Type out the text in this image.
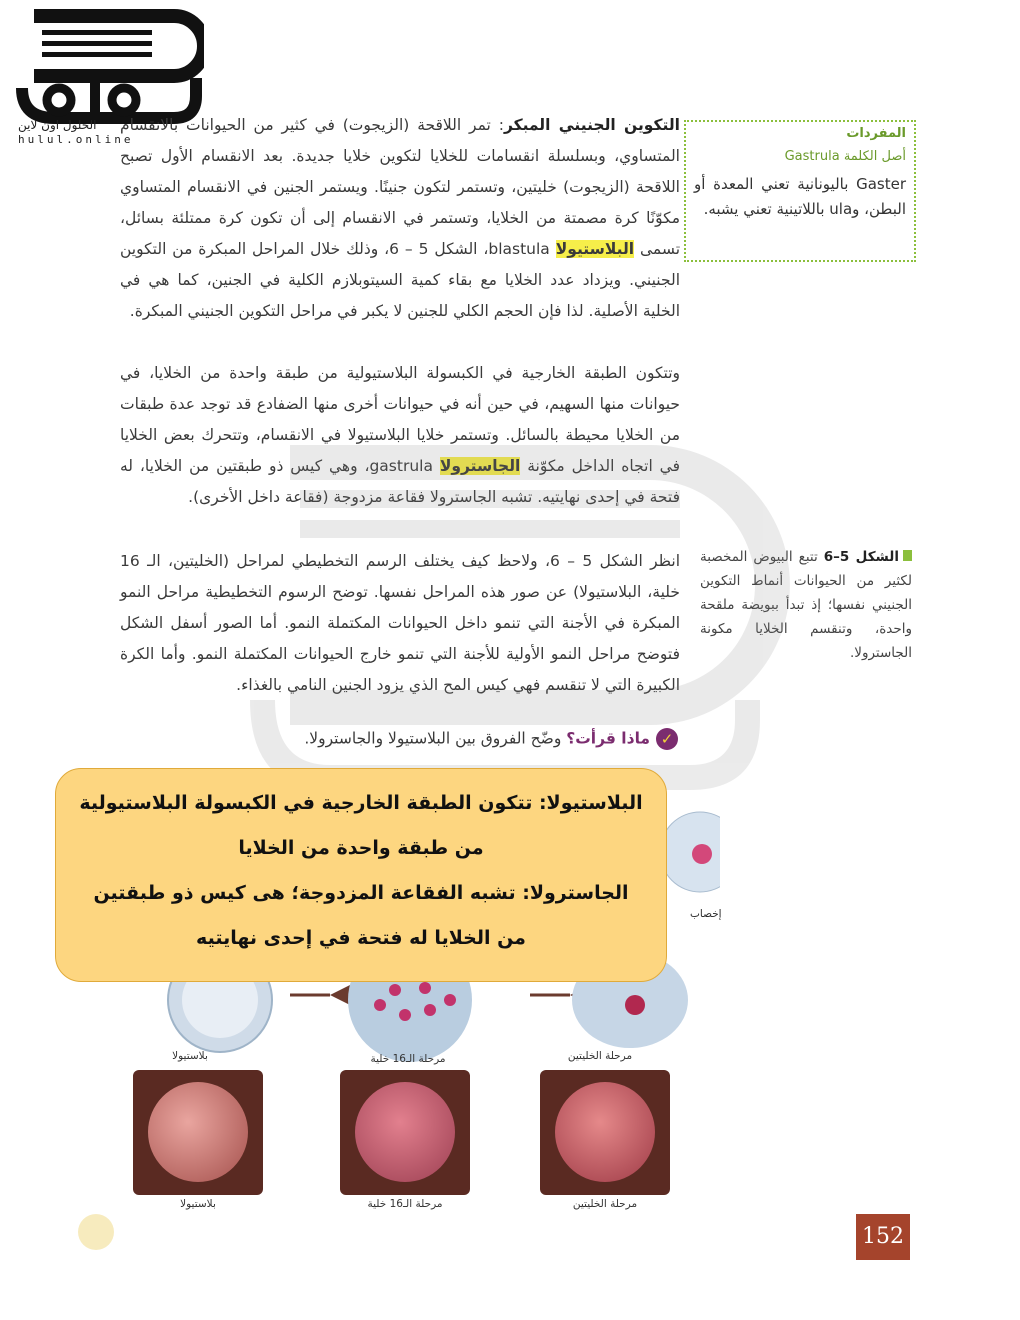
الحلول اون لاين
hulul.online
التكوين الجنيني المبكر: تمر اللاقحة (الزيجوت) في كثير من الحيوانات بالانقسام المتساوي، وبسلسلة انقسامات للخلايا لتكوين خلايا جديدة. بعد الانقسام الأول تصبح اللاقحة (الزيجوت) خليتين، وتستمر لتكون جنينًا. ويستمر الجنين في الانقسام المتساوي مكوّنًا كرة مصمتة من الخلايا، وتستمر في الانقسام إلى أن تكون كرة ممتلئة بسائل، تسمى البلاستيولا blastula، الشكل 5 – 6، وذلك خلال المراحل المبكرة من التكوين الجنيني. ويزداد عدد الخلايا مع بقاء كمية السيتوبلازم الكلية في الجنين، كما هي في الخلية الأصلية. لذا فإن الحجم الكلي للجنين لا يكبر في مراحل التكوين الجنيني المبكرة.
وتتكون الطبقة الخارجية في الكبسولة البلاستيولية من طبقة واحدة من الخلايا، في حيوانات منها السهيم، في حين أنه في حيوانات أخرى منها الضفادع قد توجد عدة طبقات من الخلايا محيطة بالسائل. وتستمر خلايا البلاستيولا في الانقسام، وتتحرك بعض الخلايا في اتجاه الداخل مكوّنة الجاسترولا gastrula، وهي كيس ذو طبقتين من الخلايا، له فتحة في إحدى نهايتيه. تشبه الجاسترولا فقاعة مزدوجة (فقاعة داخل الأخرى).
انظر الشكل 5 – 6، ولاحظ كيف يختلف الرسم التخطيطي لمراحل (الخليتين، الـ 16 خلية، البلاستيولا) عن صور هذه المراحل نفسها. توضح الرسوم التخطيطية مراحل النمو المبكرة في الأجنة التي تنمو داخل الحيوانات المكتملة النمو. أما الصور أسفل الشكل فتوضح مراحل النمو الأولية للأجنة التي تنمو خارج الحيوانات المكتملة النمو. وأما الكرة الكبيرة التي لا تنقسم فهي كيس المح الذي يزود الجنين النامي بالغذاء.
✓ماذا قرأت؟ وضّح الفروق بين البلاستيولا والجاسترولا.
المفردات
أصل الكلمة Gastrula
Gaster باليونانية تعني المعدة أو البطن، وula باللاتينية تعني يشبه.
الشكل 5–6 تتبع البيوض المخصبة لكثير من الحيوانات أنماط التكوين الجنيني نفسها؛ إذ تبدأ ببويضة ملقحة واحدة، وتنقسم الخلايا مكونة الجاسترولا.
بلاستيولا	مرحلة الـ16 خلية	مرحلة الخليتين
بلاستيولا	مرحلة الـ16 خلية	مرحلة الخليتين
إخصاب
البلاستيولا: تتكون الطبقة الخارجية في الكبسولة البلاستيولية
من طبقة واحدة من الخلايا
الجاسترولا: تشبه الفقاعة المزدوجة؛ هى كيس ذو طبقتين
من الخلايا له فتحة في إحدى نهايتيه
152
